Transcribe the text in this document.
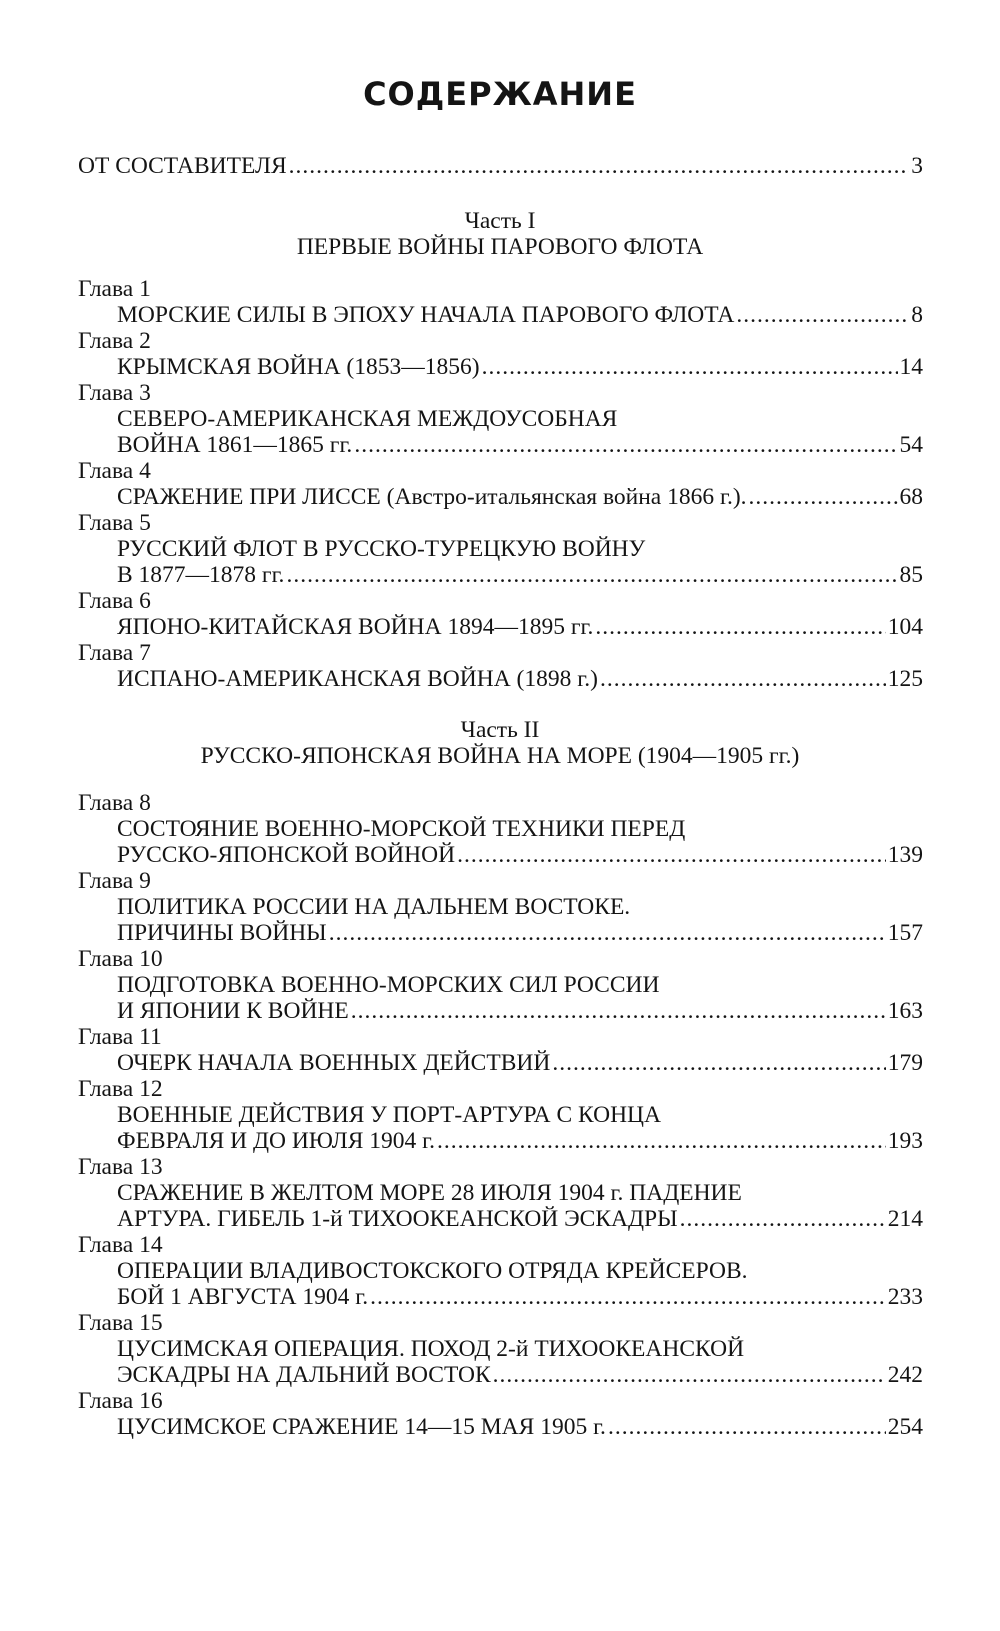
СОДЕРЖАНИЕ
ОТ СОСТАВИТЕЛЯ .....	3
Часть I
ПЕРВЫЕ ВОЙНЫ ПАРОВОГО ФЛОТА
Глава 1
МОРСКИЕ СИЛЫ В ЭПОХУ НАЧАЛА ПАРОВОГО ФЛОТА .....	8
Глава 2
КРЫМСКАЯ ВОЙНА (1853—1856) .....	14
Глава 3
СЕВЕРО-АМЕРИКАНСКАЯ МЕЖДОУСОБНАЯ
ВОЙНА 1861—1865 гг. .....	54
Глава 4
СРАЖЕНИЕ ПРИ ЛИССЕ (Австро-итальянская война 1866 г.). .....	68
Глава 5
РУССКИЙ ФЛОТ В РУССКО-ТУРЕЦКУЮ ВОЙНУ
В 1877—1878 гг. .....	85
Глава 6
ЯПОНО-КИТАЙСКАЯ ВОЙНА 1894—1895 гг. .....	104
Глава 7
ИСПАНО-АМЕРИКАНСКАЯ ВОЙНА (1898 г.) .....	125
Часть II
РУССКО-ЯПОНСКАЯ ВОЙНА НА МОРЕ (1904—1905 гг.)
Глава 8
СОСТОЯНИЕ ВОЕННО-МОРСКОЙ ТЕХНИКИ ПЕРЕД
РУССКО-ЯПОНСКОЙ ВОЙНОЙ .....	139
Глава 9
ПОЛИТИКА РОССИИ НА ДАЛЬНЕМ ВОСТОКЕ.
ПРИЧИНЫ ВОЙНЫ .....	157
Глава 10
ПОДГОТОВКА ВОЕННО-МОРСКИХ СИЛ РОССИИ
И ЯПОНИИ К ВОЙНЕ .....	163
Глава 11
ОЧЕРК НАЧАЛА ВОЕННЫХ ДЕЙСТВИЙ .....	179
Глава 12
ВОЕННЫЕ ДЕЙСТВИЯ У ПОРТ-АРТУРА С КОНЦА
ФЕВРАЛЯ И ДО ИЮЛЯ 1904 г. .....	193
Глава 13
СРАЖЕНИЕ В ЖЕЛТОМ МОРЕ 28 ИЮЛЯ 1904 г. ПАДЕНИЕ
АРТУРА. ГИБЕЛЬ 1-й ТИХООКЕАНСКОЙ ЭСКАДРЫ .....	214
Глава 14
ОПЕРАЦИИ ВЛАДИВОСТОКСКОГО ОТРЯДА КРЕЙСЕРОВ.
БОЙ 1 АВГУСТА 1904 г. .....	233
Глава 15
ЦУСИМСКАЯ ОПЕРАЦИЯ. ПОХОД 2-й ТИХООКЕАНСКОЙ
ЭСКАДРЫ НА ДАЛЬНИЙ ВОСТОК .....	242
Глава 16
ЦУСИМСКОЕ СРАЖЕНИЕ 14—15 МАЯ 1905 г. .....	254
